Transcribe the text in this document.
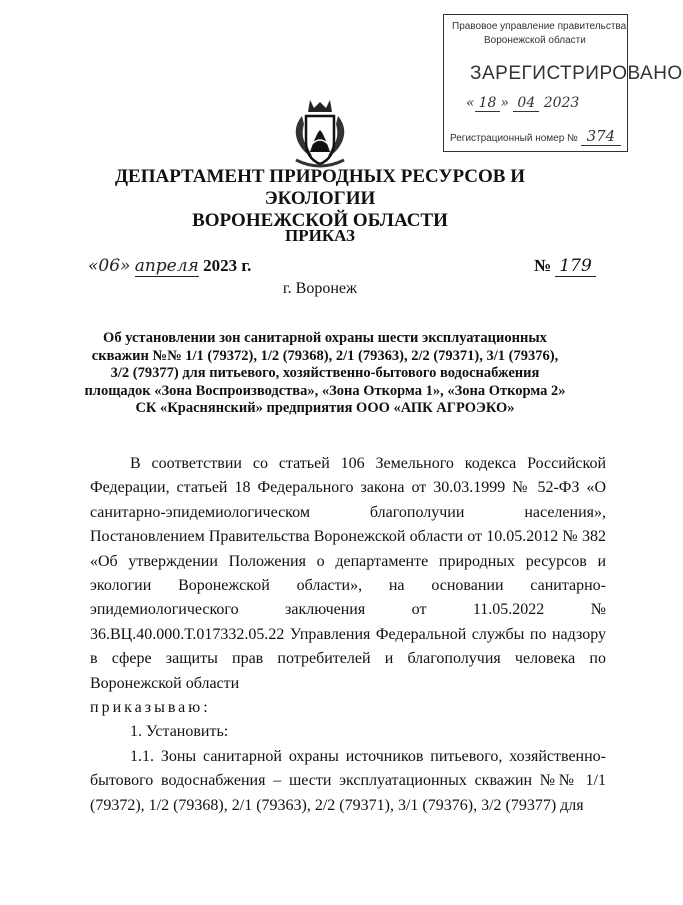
Правовое управление правительства
Воронежской области
ЗАРЕГИСТРИРОВАНО
« 18 » 04 2023
Регистрационный номер № 374
ДЕПАРТАМЕНТ ПРИРОДНЫХ РЕСУРСОВ И ЭКОЛОГИИ
ВОРОНЕЖСКОЙ ОБЛАСТИ
ПРИКАЗ
«06» апреля 2023 г.	№ 179
г. Воронеж
Об установлении зон санитарной охраны шести эксплуатационных
скважин №№ 1/1 (79372), 1/2 (79368), 2/1 (79363), 2/2 (79371), 3/1 (79376),
3/2 (79377) для питьевого, хозяйственно-бытового водоснабжения
площадок «Зона Воспроизводства», «Зона Откорма 1», «Зона Откорма 2»
СК «Краснянский» предприятия ООО «АПК АГРОЭКО»

В соответствии со статьей 106 Земельного кодекса Российской Федерации, статьей 18 Федерального закона от 30.03.1999 № 52-ФЗ «О санитарно-эпидемиологическом благополучии населения», Постановлением Правительства Воронежской области от 10.05.2012 № 382 «Об утверждении Положения о департаменте природных ресурсов и экологии Воронежской области», на основании санитарно-эпидемиологического заключения от 11.05.2022 № 36.ВЦ.40.000.Т.017332.05.22 Управления Федеральной службы по надзору в сфере защиты прав потребителей и благополучия человека по Воронежской области

приказываю:

1. Установить:

1.1. Зоны санитарной охраны источников питьевого, хозяйственно-бытового водоснабжения – шести эксплуатационных скважин №№ 1/1 (79372), 1/2 (79368), 2/1 (79363), 2/2 (79371), 3/1 (79376), 3/2 (79377) для
